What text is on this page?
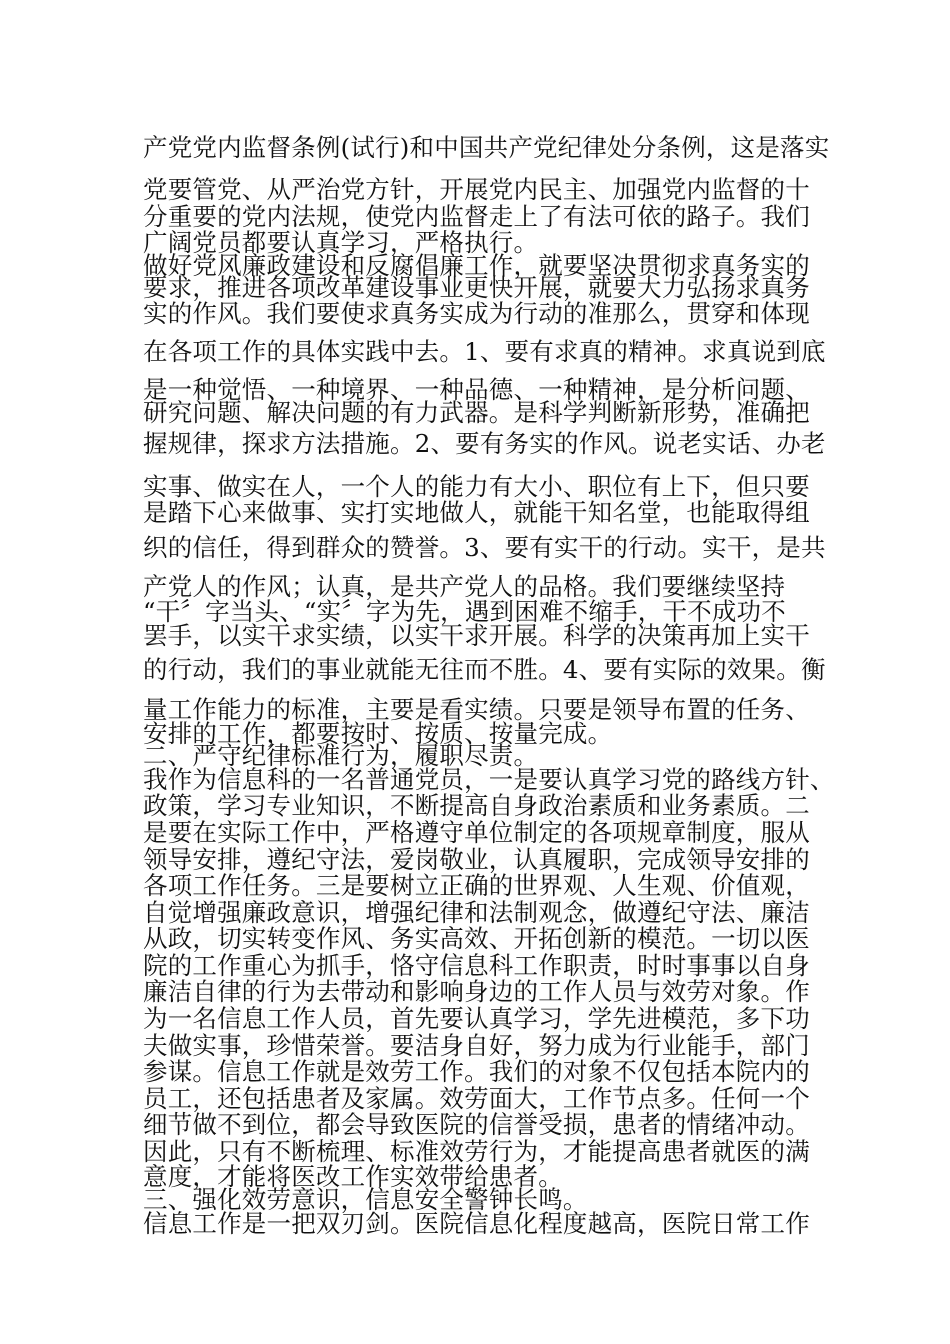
产党党内监督条例(试行)和中国共产党纪律处分条例，这是落实
党要管党、从严治党方针，开展党内民主、加强党内监督的十
分重要的党内法规，使党内监督走上了有法可依的路子。我们
广阔党员都要认真学习，严格执行。
做好党风廉政建设和反腐倡廉工作，就要坚决贯彻求真务实的
要求，推进各项改革建设事业更快开展，就要大力弘扬求真务
实的作风。我们要使求真务实成为行动的准那么，贯穿和体现
在各项工作的具体实践中去。1、要有求真的精神。求真说到底
是一种觉悟、一种境界、一种品德、一种精神，是分析问题、
研究问题、解决问题的有力武器。是科学判断新形势，准确把
握规律，探求方法措施。2、要有务实的作风。说老实话、办老
实事、做实在人，一个人的能力有大小、职位有上下，但只要
是踏下心来做事、实打实地做人，就能干知名堂，也能取得组
织的信任，得到群众的赞誉。3、要有实干的行动。实干，是共
产党人的作风；认真，是共产党人的品格。我们要继续坚持
“干〞字当头、“实〞字为先，遇到困难不缩手，干不成功不
罢手，以实干求实绩，以实干求开展。科学的决策再加上实干
的行动，我们的事业就能无往而不胜。4、要有实际的效果。衡
量工作能力的标准，主要是看实绩。只要是领导布置的任务、
安排的工作，都要按时、按质、按量完成。
二、严守纪律标准行为，履职尽责。
我作为信息科的一名普通党员，一是要认真学习党的路线方针、
政策，学习专业知识，不断提高自身政治素质和业务素质。二
是要在实际工作中，严格遵守单位制定的各项规章制度，服从
领导安排，遵纪守法，爱岗敬业，认真履职，完成领导安排的
各项工作任务。三是要树立正确的世界观、人生观、价值观，
自觉增强廉政意识，增强纪律和法制观念，做遵纪守法、廉洁
从政，切实转变作风、务实高效、开拓创新的模范。一切以医
院的工作重心为抓手，恪守信息科工作职责，时时事事以自身
廉洁自律的行为去带动和影响身边的工作人员与效劳对象。作
为一名信息工作人员，首先要认真学习，学先进模范，多下功
夫做实事，珍惜荣誉。要洁身自好，努力成为行业能手，部门
参谋。信息工作就是效劳工作。我们的对象不仅包括本院内的
员工，还包括患者及家属。效劳面大，工作节点多。任何一个
细节做不到位，都会导致医院的信誉受损，患者的情绪冲动。
因此，只有不断梳理、标准效劳行为，才能提高患者就医的满
意度，才能将医改工作实效带给患者。
三、强化效劳意识，信息安全警钟长鸣。
信息工作是一把双刃剑。医院信息化程度越高，医院日常工作
